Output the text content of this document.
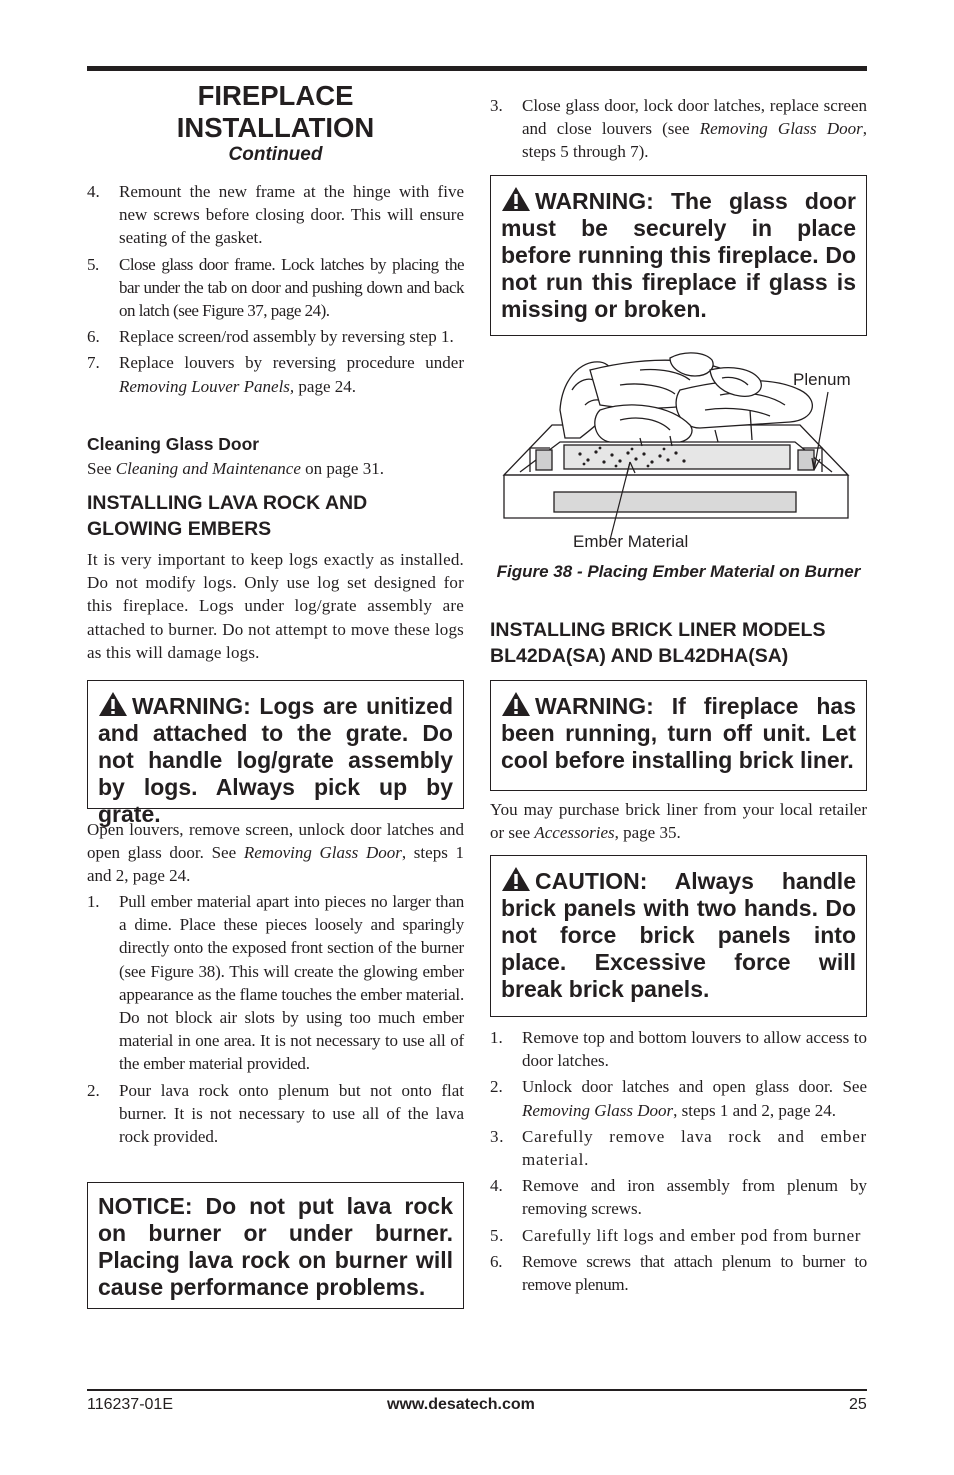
FIREPLACE

INSTALLATION

Continued

4. Remount the new frame at the hinge with five new screws before closing door. This will ensure seating of the gasket.
5. Close glass door frame. Lock latches by placing the bar under the tab on door and pushing down and back on latch (see Figure 37, page 24).
6. Replace screen/rod assembly by reversing step 1.
7. Replace louvers by reversing procedure under Removing Louver Panels, page 24.

Cleaning Glass Door

See Cleaning and Maintenance on page 31.

INSTALLING LAVA ROCK AND GLOWING EMBERS

It is very important to keep logs exactly as installed. Do not modify logs. Only use log set designed for this fireplace. Logs under log/grate assembly are attached to burner. Do not attempt to move these logs as this will damage logs.

WARNING: Logs are unitized and attached to the grate. Do not handle log/grate assembly by logs. Always pick up by grate.

Open louvers, remove screen, unlock door latches and open glass door. See Removing Glass Door, steps 1 and 2, page 24.

1. Pull ember material apart into pieces no larger than a dime. Place these pieces loosely and sparingly directly onto the exposed front section of the burner (see Figure 38). This will create the glowing ember appearance as the flame touches the ember material. Do not block air slots by using too much ember material in one area. It is not necessary to use all of the ember material provided.
2. Pour lava rock onto plenum but not onto flat burner. It is not necessary to use all of the lava rock provided.

NOTICE: Do not put lava rock on burner or under burner. Placing lava rock on burner will cause performance problems.

3. Close glass door, lock door latches, replace screen and close louvers (see Removing Glass Door, steps 5 through 7).

WARNING: The glass door must be securely in place before running this fireplace. Do not run this fireplace if glass is missing or broken.

Plenum
Ember Material

Figure 38 - Placing Ember Material on Burner

INSTALLING BRICK LINER MODELS BL42DA(SA) AND BL42DHA(SA)

WARNING: If fireplace has been running, turn off unit. Let cool before installing brick liner.

You may purchase brick liner from your local retailer or see Accessories, page 35.

CAUTION: Always handle brick panels with two hands. Do not force brick panels into place. Excessive force will break brick panels.

1. Remove top and bottom louvers to allow access to door latches.
2. Unlock door latches and open glass door. See Removing Glass Door, steps 1 and 2, page 24.
3. Carefully remove lava rock and ember material.
4. Remove and iron assembly from plenum by removing screws.
5. Carefully lift logs and ember pod from burner
6. Remove screws that attach plenum to burner to remove plenum.
116237-01E	www.desatech.com	25
